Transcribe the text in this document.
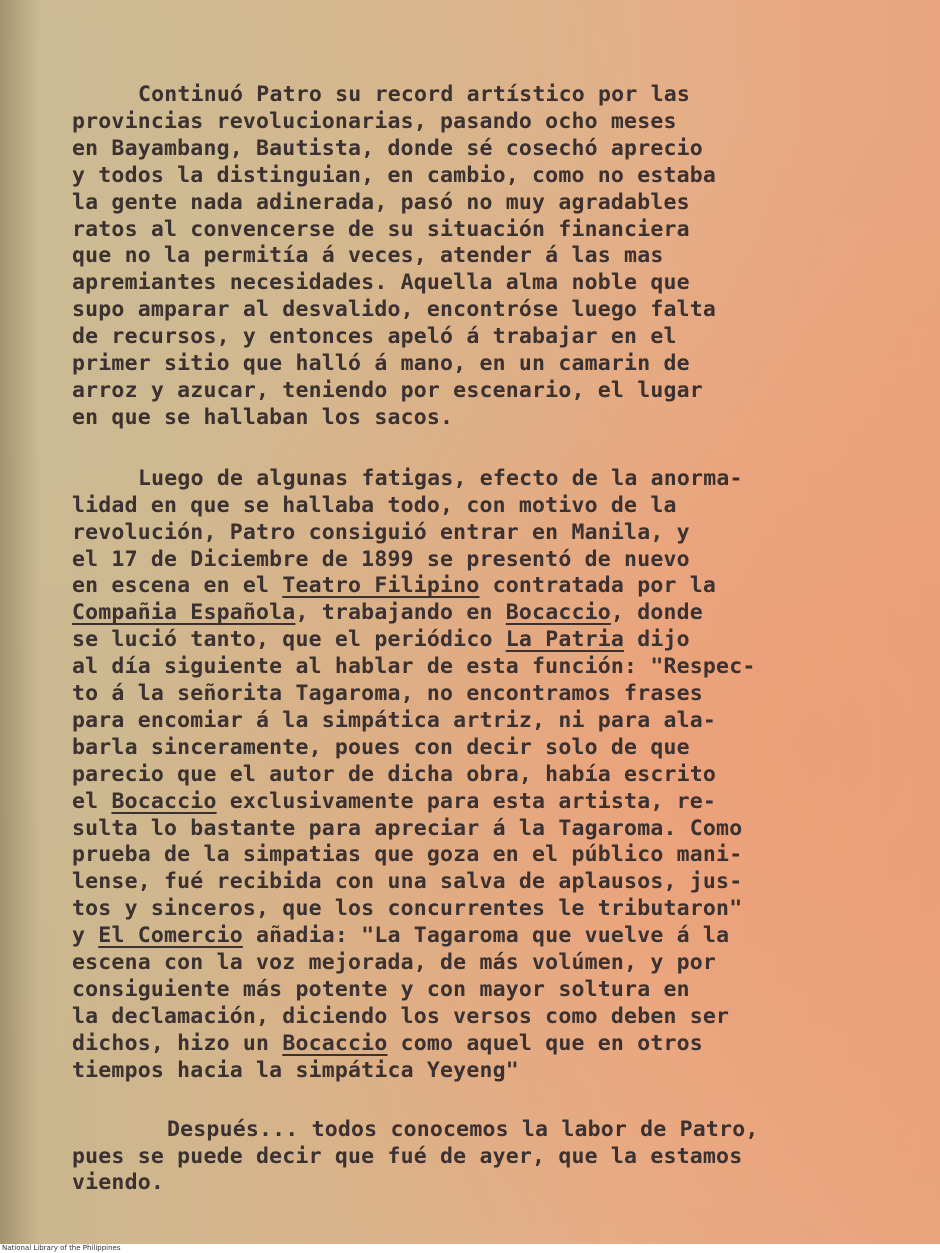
Continuó Patro su record artístico por las

provincias revolucionarias, pasando ocho meses

en Bayambang, Bautista, donde sé cosechó aprecio

y todos la distinguian, en cambio, como no estaba

la gente nada adinerada, pasó no muy agradables

ratos al convencerse de su situación financiera

que no la permitía á veces, atender á las mas

apremiantes necesidades. Aquella alma noble que

supo amparar al desvalido, encontróse luego falta

de recursos, y entonces apeló á trabajar en el

primer sitio que halló á mano, en un camarin de

arroz y azucar, teniendo por escenario, el lugar

en que se hallaban los sacos.

Luego de algunas fatigas, efecto de la anorma-

lidad en que se hallaba todo, con motivo de la

revolución, Patro consiguió entrar en Manila, y

el 17 de Diciembre de 1899 se presentó de nuevo

en escena en el Teatro Filipino contratada por la

Compañia Española, trabajando en Bocaccio, donde

se lució tanto, que el periódico La Patria dijo

al día siguiente al hablar de esta función: "Respec-

to á la señorita Tagaroma, no encontramos frases

para encomiar á la simpática artriz, ni para ala-

barla sinceramente, poues con decir solo de que

parecio que el autor de dicha obra, había escrito

el Bocaccio exclusivamente para esta artista, re-

sulta lo bastante para apreciar á la Tagaroma. Como

prueba de la simpatias que goza en el público mani-

lense, fué recibida con una salva de aplausos, jus-

tos y sinceros, que los concurrentes le tributaron"

y El Comercio añadia: "La Tagaroma que vuelve á la

escena con la voz mejorada, de más volúmen, y por

consiguiente más potente y con mayor soltura en

la declamación, diciendo los versos como deben ser

dichos, hizo un Bocaccio como aquel que en otros

tiempos hacia la simpática Yeyeng"

Después... todos conocemos la labor de Patro,

pues se puede decir que fué de ayer, que la estamos

viendo.

National Library of the Philippines
